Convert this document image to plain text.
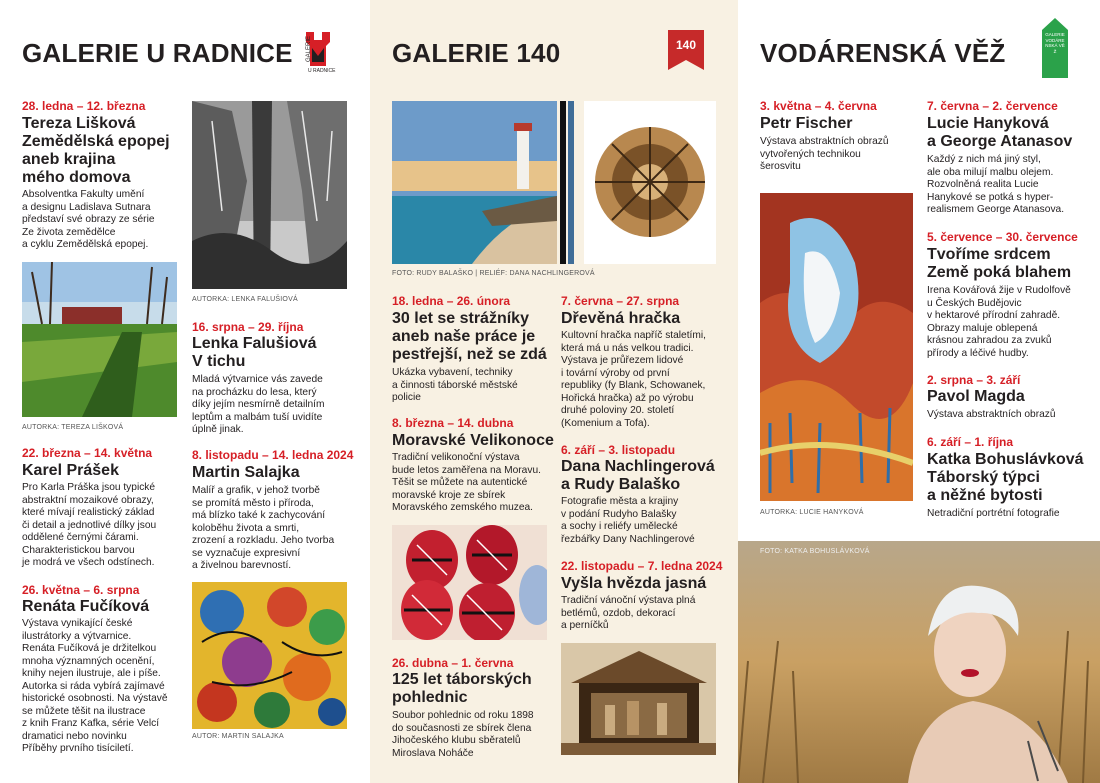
GALERIE U RADNICE GALERIE
U RADNICE
28. ledna – 12. března
Tereza Lišková
Zemědělská epopej
aneb krajina
mého domova
Absolventka Fakulty umění
a designu Ladislava Sutnara
představí své obrazy ze série
Ze života zemědělce
a cyklu Zemědělská epopej.
AUTORKA: LENKA FALUŠIOVÁ
AUTORKA: TEREZA LIŠKOVÁ
16. srpna – 29. října
Lenka Falušiová
V tichu
Mladá výtvarnice vás zavede
na procházku do lesa, který
díky jejím nesmírně detailním
leptům a malbám tuší uvidíte
úplně jinak.
22. března – 14. května
Karel Prášek
Pro Karla Práška jsou typické
abstraktní mozaikové obrazy,
které mívají realistický základ
či detail a jednotlivé dílky jsou
oddělené černými čárami.
Charakteristickou barvou
je modrá ve všech odstínech.
8. listopadu – 14. ledna 2024
Martin Salajka
Malíř a grafik, v jehož tvorbě
se promítá město i příroda,
má blízko také k zachycování
koloběhu života a smrti,
zrození a rozkladu. Jeho tvorba
se vyznačuje expresivní
a živelnou barevností.
26. května – 6. srpna
Renáta Fučíková
Výstava vynikající české
ilustrátorky a výtvarnice.
Renáta Fučíková je držitelkou
mnoha významných ocenění,
knihy nejen ilustruje, ale i píše.
Autorka si ráda vybírá zajímavé
historické osobnosti. Na výstavě
se můžete těšit na ilustrace
z knih Franz Kafka, série Velcí
dramatici nebo novinku
Příběhy prvního tisíciletí.
AUTOR: MARTIN SALAJKA
GALERIE 140	140
FOTO: RUDY BALAŠKO | RELIÉF: DANA NACHLINGEROVÁ
18. ledna – 26. února
30 let se strážníky
aneb naše práce je
pestřejší, než se zdá
Ukázka vybavení, techniky
a činnosti táborské městské
policie
7. června – 27. srpna
Dřevěná hračka
Kultovní hračka napříč staletími,
která má u nás velkou tradici.
Výstava je průřezem lidové
i tovární výroby od první
republiky (fy Blank, Schowanek,
Hořická hračka) až po výrobu
druhé poloviny 20. století
(Komenium a Tofa).
8. března – 14. dubna
Moravské Velikonoce
Tradiční velikonoční výstava
bude letos zaměřena na Moravu.
Těšit se můžete na autentické
moravské kroje ze sbírek
Moravského zemského muzea.
6. září – 3. listopadu
Dana Nachlingerová
a Rudy Balaško
Fotografie města a krajiny
v podání Rudyho Balašky
a sochy i reliéfy umělecké
řezbářky Dany Nachlingerové
22. listopadu – 7. ledna 2024
Vyšla hvězda jasná
Tradiční vánoční výstava plná
betlémů, ozdob, dekorací
a perníčků
26. dubna – 1. června
125 let táborských
pohlednic
Soubor pohlednic od roku 1898
do současnosti ze sbírek člena
Jihočeského klubu sběratelů
Miroslava Noháče
VODÁRENSKÁ VĚŽ
GALERIE VODÁRENSKÁ VĚŽ
3. května – 4. června
Petr Fischer
Výstava abstraktních obrazů
vytvořených technikou
šerosvitu
AUTORKA: LUCIE HANYKOVÁ
7. června – 2. července
Lucie Hanyková
a George Atanasov
Každý z nich má jiný styl,
ale oba milují malbu olejem.
Rozvolněná realita Lucie
Hanykové se potká s hyper-
realismem George Atanasova.
5. července – 30. července
Tvoříme srdcem
Země poká blahem
Irena Kovářová žije v Rudolfově
u Českých Budějovic
v hektarové přírodní zahradě.
Obrazy maluje oblepená
krásnou zahradou za zvuků
přírody a léčivé hudby.
2. srpna – 3. září
Pavol Magda
Výstava abstraktních obrazů
6. září – 1. října
Katka Bohuslávková
Táborský týpci
a něžné bytosti
Netradiční portrétní fotografie
FOTO: KATKA BOHUSLÁVKOVÁ
